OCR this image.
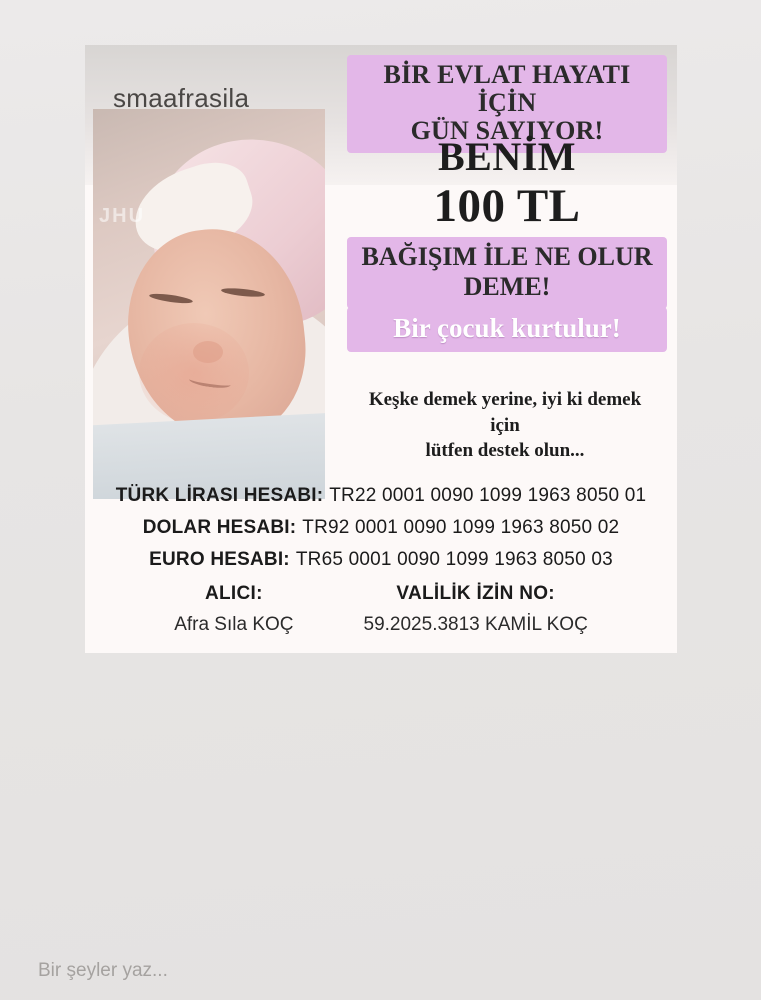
JHU
smaafrasila
BİR EVLAT HAYATI İÇİN
GÜN SAYIYOR!
BENİM
100 TL
BAĞIŞIM İLE NE OLUR
DEME!
Bir çocuk kurtulur!
Keşke demek yerine, iyi ki demek
için
lütfen destek olun...
TÜRK LİRASI HESABI: TR22 0001 0090 1099 1963 8050 01
DOLAR HESABI: TR92 0001 0090 1099 1963 8050 02
EURO HESABI: TR65 0001 0090 1099 1963 8050 03
ALICI:
Afra Sıla KOÇ
VALİLİK İZİN NO:
59.2025.3813 KAMİL KOÇ
Bir şeyler yaz...
